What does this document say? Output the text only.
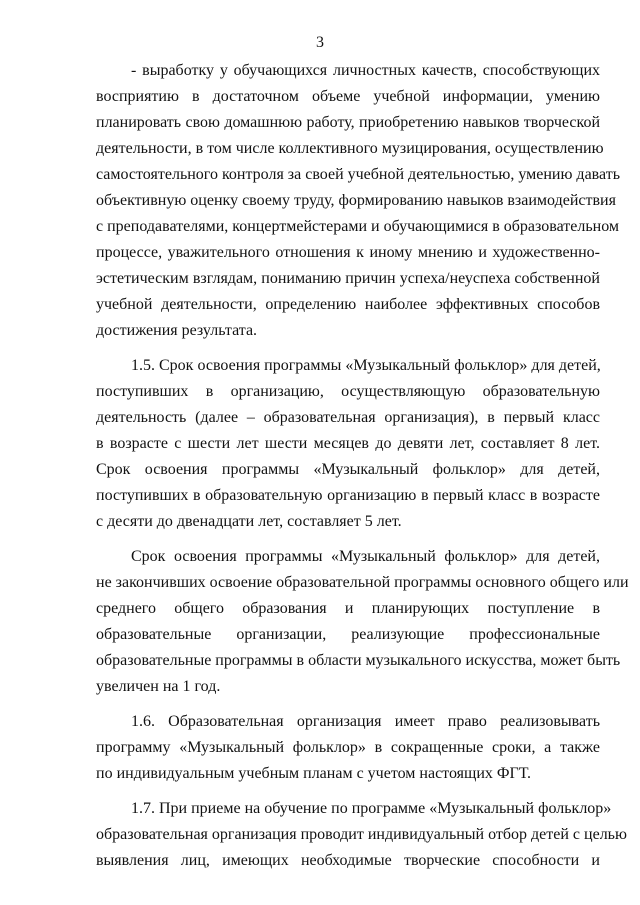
3

- выработку у обучающихся личностных качеств, способствующих
восприятию в достаточном объеме учебной информации, умению
планировать свою домашнюю работу, приобретению навыков творческой
деятельности, в том числе коллективного музицирования, осуществлению
самостоятельного контроля за своей учебной деятельностью, умению давать
объективную оценку своему труду, формированию навыков взаимодействия
с преподавателями, концертмейстерами и обучающимися в образовательном
процессе, уважительного отношения к иному мнению и художественно-
эстетическим взглядам, пониманию причин успеха/неуспеха собственной
учебной деятельности, определению наиболее эффективных способов
достижения результата.

1.5. Срок освоения программы «Музыкальный фольклор» для детей,
поступивших в организацию, осуществляющую образовательную
деятельность (далее – образовательная организация), в первый класс
в возрасте с шести лет шести месяцев до девяти лет, составляет 8 лет.
Срок освоения программы «Музыкальный фольклор» для детей,
поступивших в образовательную организацию в первый класс в возрасте
с десяти до двенадцати лет, составляет 5 лет.

Срок освоения программы «Музыкальный фольклор» для детей,
не закончивших освоение образовательной программы основного общего или
среднего общего образования и планирующих поступление в
образовательные организации, реализующие профессиональные
образовательные программы в области музыкального искусства, может быть
увеличен на 1 год.

1.6. Образовательная организация имеет право реализовывать
программу «Музыкальный фольклор» в сокращенные сроки, а также
по индивидуальным учебным планам с учетом настоящих ФГТ.

1.7. При приеме на обучение по программе «Музыкальный фольклор»
образовательная организация проводит индивидуальный отбор детей с целью
выявления лиц, имеющих необходимые творческие способности и
